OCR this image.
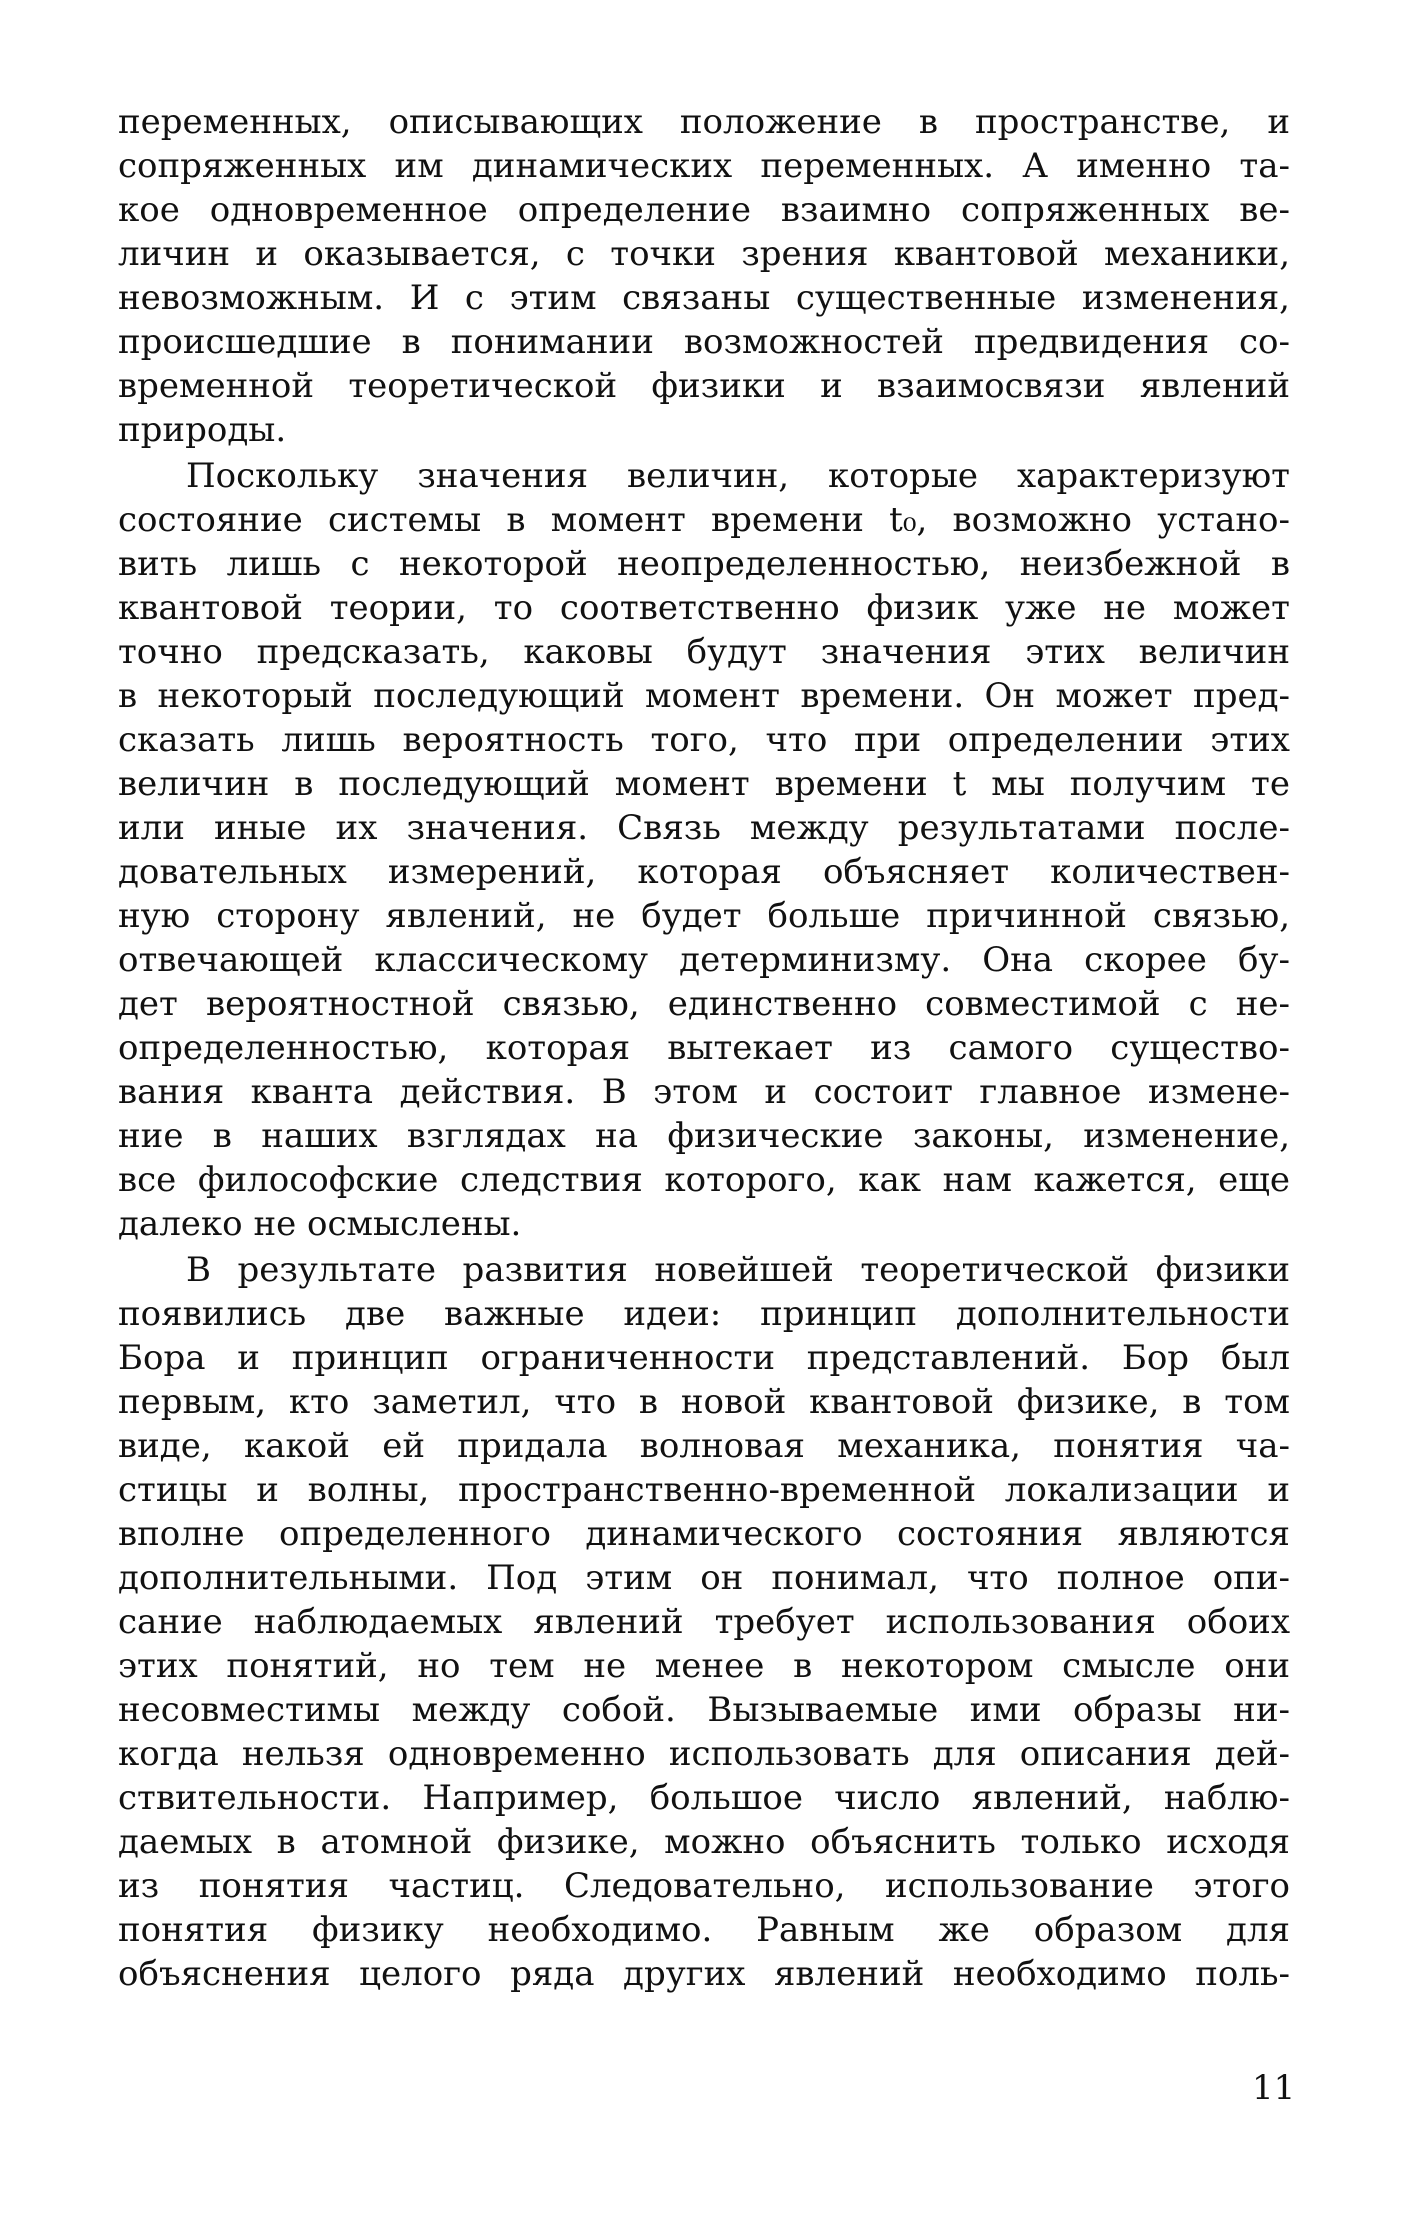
переменных, описывающих положение в пространстве, и
сопряженных им динамических переменных. А именно та-
кое одновременное определение взаимно сопряженных ве-
личин и оказывается, с точки зрения квантовой механики,
невозможным. И с этим связаны существенные изменения,
происшедшие в понимании возможностей предвидения со-
временной теоретической физики и взаимосвязи явлений
природы.
Поскольку значения величин, которые характеризуют
состояние системы в момент времени t₀, возможно устано-
вить лишь с некоторой неопределенностью, неизбежной в
квантовой теории, то соответственно физик уже не может
точно предсказать, каковы будут значения этих величин
в некоторый последующий момент времени. Он может пред-
сказать лишь вероятность того, что при определении этих
величин в последующий момент времени t мы получим те
или иные их значения. Связь между результатами после-
довательных измерений, которая объясняет количествен-
ную сторону явлений, не будет больше причинной связью,
отвечающей классическому детерминизму. Она скорее бу-
дет вероятностной связью, единственно совместимой с не-
определенностью, которая вытекает из самого существо-
вания кванта действия. В этом и состоит главное измене-
ние в наших взглядах на физические законы, изменение,
все философские следствия которого, как нам кажется, еще
далеко не осмыслены.
В результате развития новейшей теоретической физики
появились две важные идеи: принцип дополнительности
Бора и принцип ограниченности представлений. Бор был
первым, кто заметил, что в новой квантовой физике, в том
виде, какой ей придала волновая механика, понятия ча-
стицы и волны, пространственно-временной локализации и
вполне определенного динамического состояния являются
дополнительными. Под этим он понимал, что полное опи-
сание наблюдаемых явлений требует использования обоих
этих понятий, но тем не менее в некотором смысле они
несовместимы между собой. Вызываемые ими образы ни-
когда нельзя одновременно использовать для описания дей-
ствительности. Например, большое число явлений, наблю-
даемых в атомной физике, можно объяснить только исходя
из понятия частиц. Следовательно, использование этого
понятия физику необходимо. Равным же образом для
объяснения целого ряда других явлений необходимо поль-
11
